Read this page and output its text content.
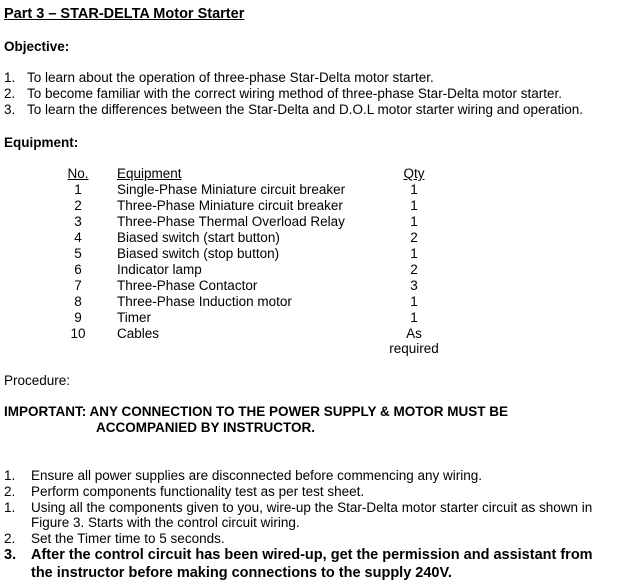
Part 3 – STAR-DELTA Motor Starter
Objective:
1. To learn about the operation of three-phase Star-Delta motor starter.
2. To become familiar with the correct wiring method of three-phase Star-Delta motor starter.
3. To learn the differences between the Star-Delta and D.O.L motor starter wiring and operation.
Equipment:
No.	Equipment	Qty
1	Single-Phase Miniature circuit breaker	1
2	Three-Phase Miniature circuit breaker	1
3	Three-Phase Thermal Overload Relay	1
4	Biased switch (start button)	2
5	Biased switch (stop button)	1
6	Indicator lamp	2
7	Three-Phase Contactor	3
8	Three-Phase Induction motor	1
9	Timer	1
10	Cables	As required
Procedure:
IMPORTANT: ANY CONNECTION TO THE POWER SUPPLY & MOTOR MUST BE
ACCOMPANIED BY INSTRUCTOR.
1. Ensure all power supplies are disconnected before commencing any wiring.
2. Perform components functionality test as per test sheet.
1. Using all the components given to you, wire-up the Star-Delta motor starter circuit as shown in
Figure 3. Starts with the control circuit wiring.
2. Set the Timer time to 5 seconds.
3. After the control circuit has been wired-up, get the permission and assistant from
the instructor before making connections to the supply 240V.
